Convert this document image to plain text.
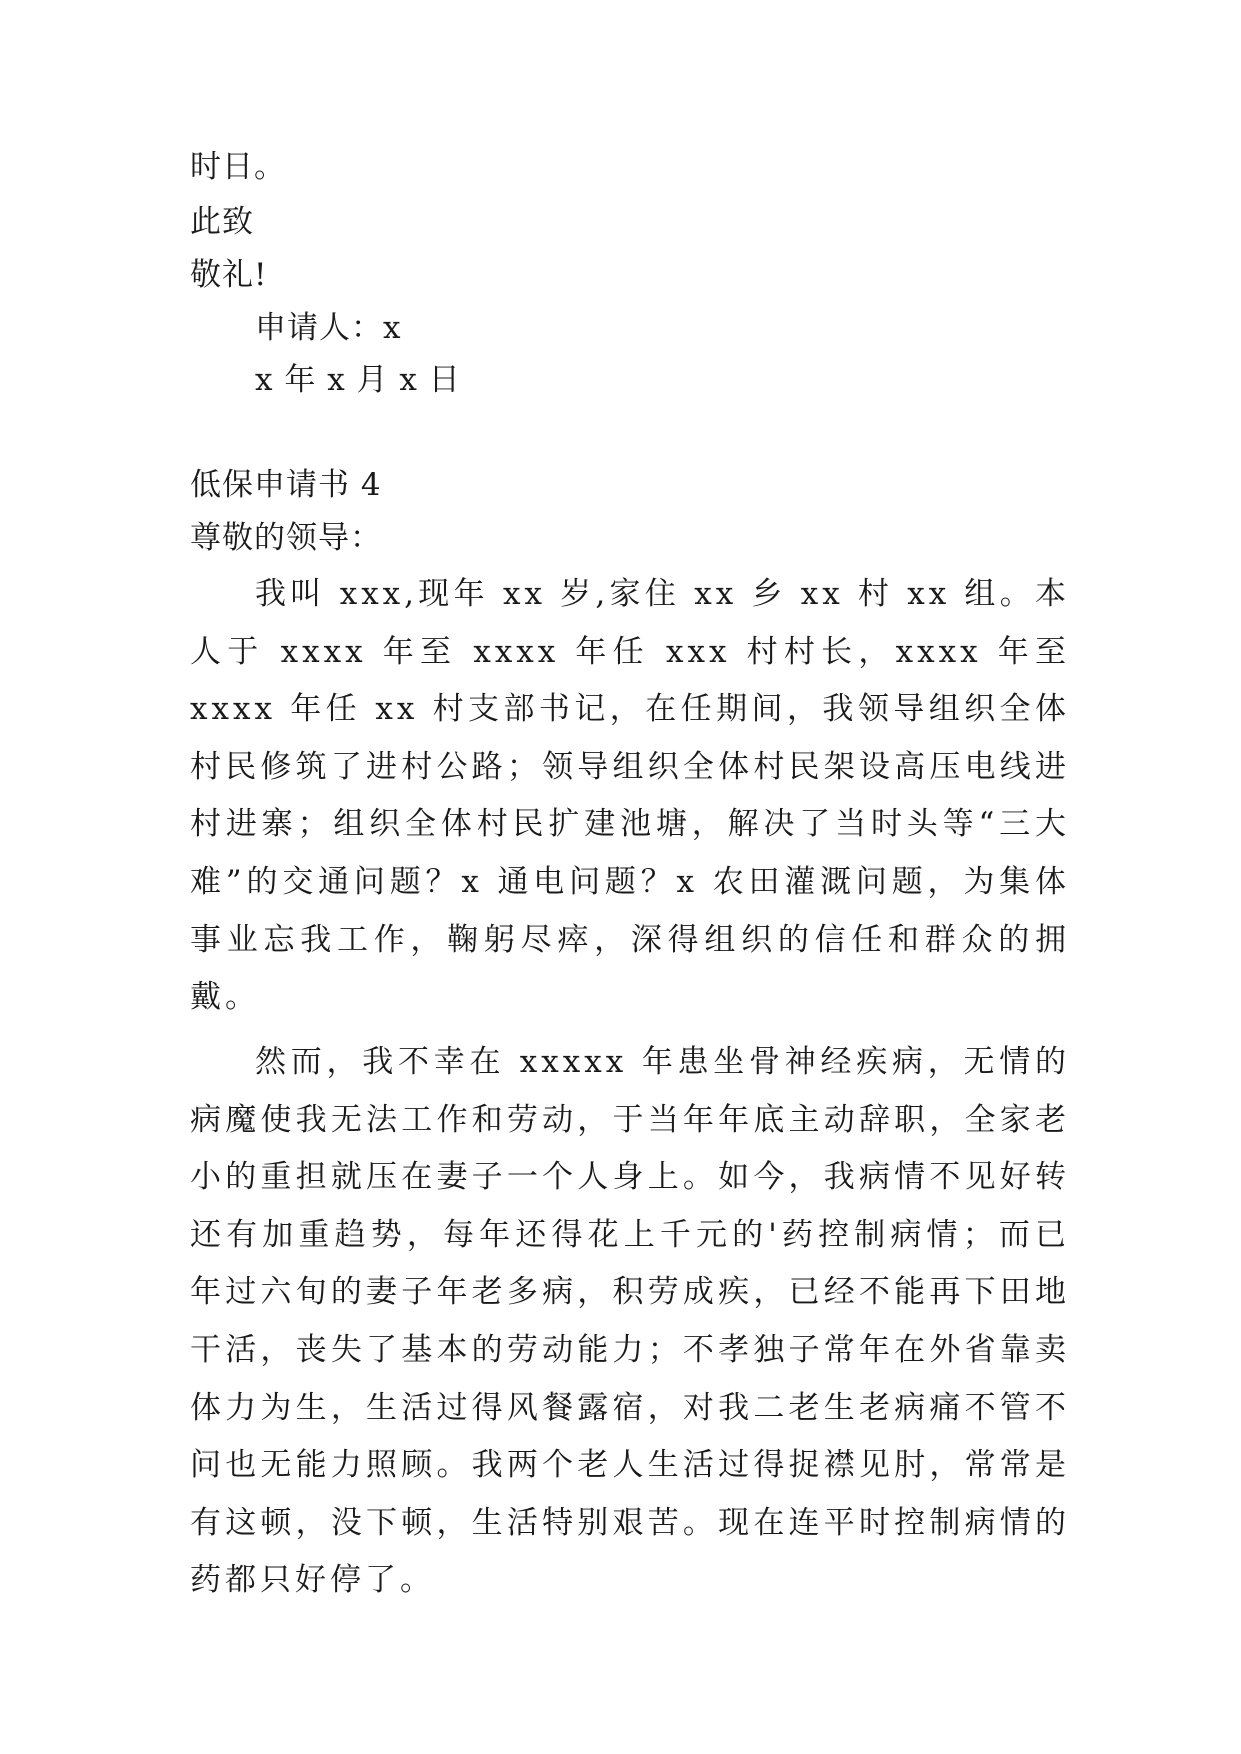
时日。
此致
敬礼!
申请人：x
x 年 x 月 x 日
低保申请书 4
尊敬的领导：

我叫 xxx,现年 xx 岁,家住 xx 乡 xx 村 xx 组。本人于 xxxx 年至 xxxx 年任 xxx 村村长，xxxx 年至 xxxx 年任 xx 村支部书记，在任期间，我领导组织全体村民修筑了进村公路；领导组织全体村民架设高压电线进村进寨；组织全体村民扩建池塘，解决了当时头等“三大难”的交通问题？x 通电问题？x 农田灌溉问题，为集体事业忘我工作，鞠躬尽瘁，深得组织的信任和群众的拥戴。

然而，我不幸在 xxxxx 年患坐骨神经疾病，无情的病魔使我无法工作和劳动，于当年年底主动辞职，全家老小的重担就压在妻子一个人身上。如今，我病情不见好转还有加重趋势，每年还得花上千元的'药控制病情；而已年过六旬的妻子年老多病，积劳成疾，已经不能再下田地干活，丧失了基本的劳动能力；不孝独子常年在外省靠卖体力为生，生活过得风餐露宿，对我二老生老病痛不管不问也无能力照顾。我两个老人生活过得捉襟见肘，常常是有这顿，没下顿，生活特别艰苦。现在连平时控制病情的药都只好停了。
